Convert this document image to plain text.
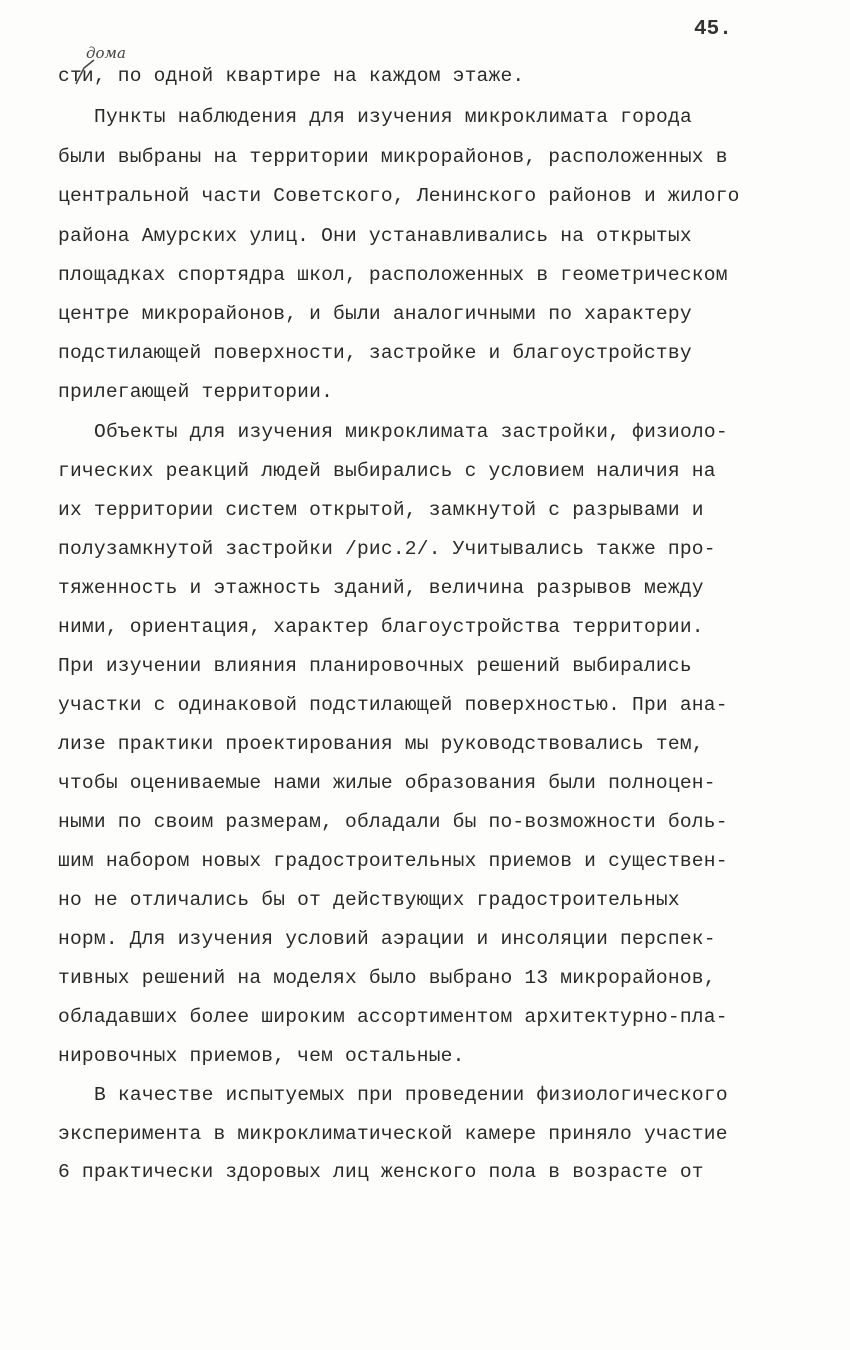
45.
дома
сти, по одной квартире на каждом этаже.
Пункты наблюдения для изучения микроклимата города
были выбраны на территории микрорайонов, расположенных в
центральной части Советского, Ленинского районов и жилого
района Амурских улиц. Они устанавливались на открытых
площадках спортядра школ, расположенных в геометрическом
центре микрорайонов, и были аналогичными по характеру
подстилающей поверхности, застройке и благоустройству
прилегающей территории.
Объекты для изучения микроклимата застройки, физиоло-
гических реакций людей выбирались с условием наличия на
их территории систем открытой, замкнутой с разрывами и
полузамкнутой застройки /рис.2/. Учитывались также про-
тяженность и этажность зданий, величина разрывов между
ними, ориентация, характер благоустройства территории.
При изучении влияния планировочных решений выбирались
участки с одинаковой подстилающей поверхностью. При ана-
лизе практики проектирования мы руководствовались тем,
чтобы оцениваемые нами жилые образования были полноцен-
ными по своим размерам, обладали бы по-возможности боль-
шим набором новых градостроительных приемов и существен-
но не отличались бы от действующих градостроительных
норм. Для изучения условий аэрации и инсоляции перспек-
тивных решений на моделях было выбрано 13 микрорайонов,
обладавших более широким ассортиментом архитектурно-пла-
нировочных приемов, чем остальные.
В качестве испытуемых при проведении физиологического
эксперимента в микроклиматической камере приняло участие
6 практически здоровых лиц женского пола в возрасте от
